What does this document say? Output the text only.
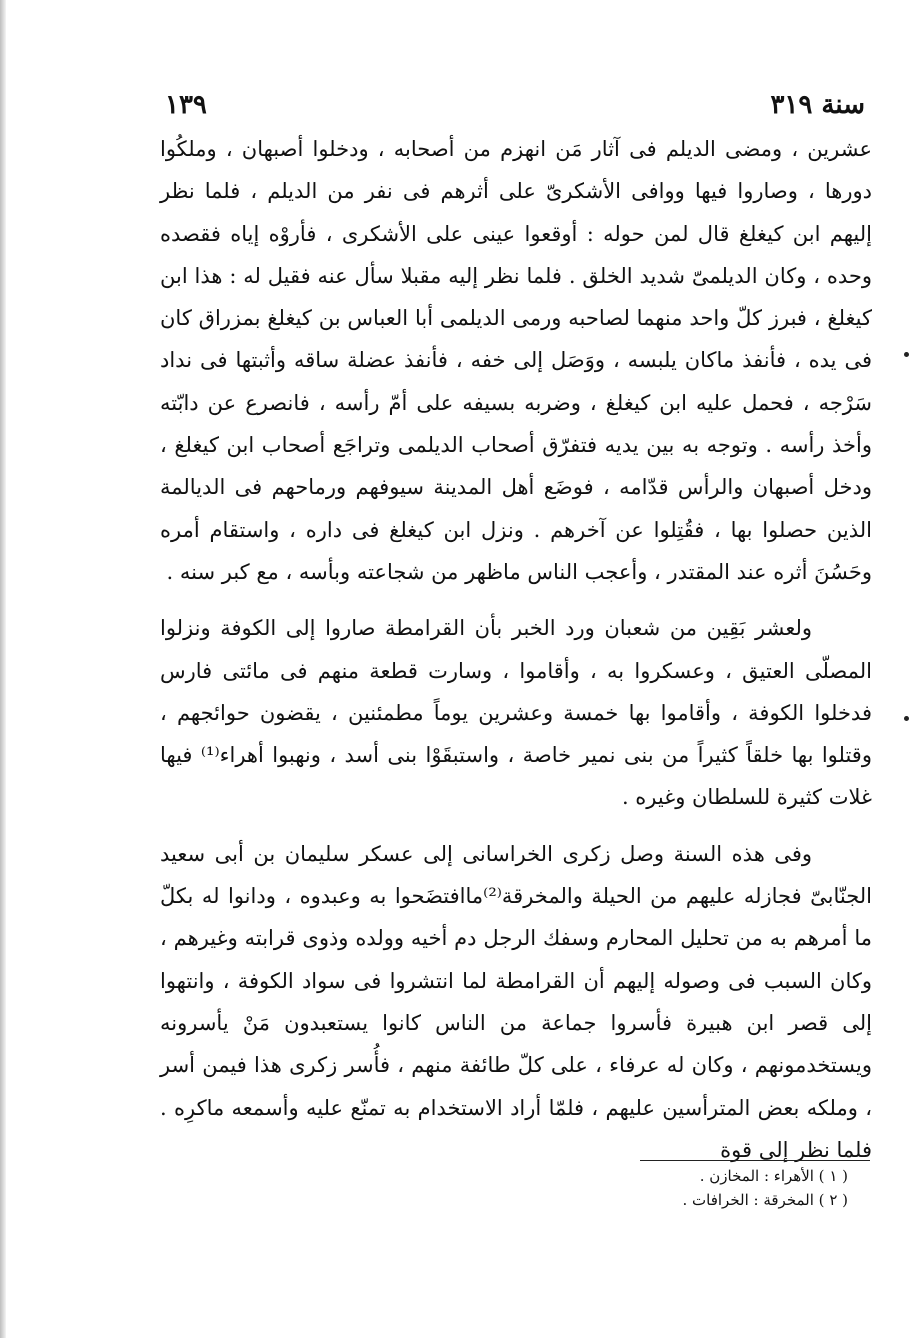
سنة ٣١٩
١٣٩

عشرين ، ومضى الديلم فى آثار مَن انهزم من أصحابه ، ودخلوا أصبهان ، وملكُوا دورها ، وصاروا فيها ووافى الأشكرىّ على أثرهم فى نفر من الديلم ، فلما نظر إليهم ابن كيغلغ قال لمن حوله : أوقعوا عينى على الأشكرى ، فأروْه إياه فقصده وحده ، وكان الديلمىّ شديد الخلق . فلما نظر إليه مقبلا سأل عنه فقيل له : هذا ابن كيغلغ ، فبرز كلّ واحد منهما لصاحبه ورمى الديلمى أبا العباس بن كيغلغ بمزراق كان فى يده ، فأنفذ ماكان يلبسه ، ووَصَل إلى خفه ، فأنفذ عضلة ساقه وأثبتها فى نداد سَرْجه ، فحمل عليه ابن كيغلغ ، وضربه بسيفه على أمّ رأسه ، فانصرع عن دابّته وأخذ رأسه . وتوجه به بين يديه فتفرّق أصحاب الديلمى وتراجَع أصحاب ابن كيغلغ ، ودخل أصبهان والرأس قدّامه ، فوضَع أهل المدينة سيوفهم ورماحهم فى الديالمة الذين حصلوا بها ، فقُتِلوا عن آخرهم . ونزل ابن كيغلغ فى داره ، واستقام أمره وحَسُنَ أثره عند المقتدر ، وأعجب الناس ماظهر من شجاعته وبأسه ، مع كبر سنه .

ولعشر بَقِين من شعبان ورد الخبر بأن القرامطة صاروا إلى الكوفة ونزلوا المصلّى العتيق ، وعسكروا به ، وأقاموا ، وسارت قطعة منهم فى مائتى فارس فدخلوا الكوفة ، وأقاموا بها خمسة وعشرين يوماً مطمئنين ، يقضون حوائجهم ، وقتلوا بها خلقاً كثيراً من بنى نمير خاصة ، واستبقَوْا بنى أسد ، ونهبوا أهراء⁽¹⁾ فيها غلات كثيرة للسلطان وغيره .

وفى هذه السنة وصل زكرى الخراسانى إلى عسكر سليمان بن أبى سعيد الجنّابىّ فجازله عليهم من الحيلة والمخرقة⁽²⁾ماافتضَحوا به وعبدوه ، ودانوا له بكلّ ما أمرهم به من تحليل المحارم وسفك الرجل دم أخيه وولده وذوى قرابته وغيرهم ، وكان السبب فى وصوله إليهم أن القرامطة لما انتشروا فى سواد الكوفة ، وانتهوا إلى قصر ابن هبيرة فأسروا جماعة من الناس كانوا يستعبدون مَنْ يأسرونه ويستخدمونهم ، وكان له عرفاء ، على كلّ طائفة منهم ، فأُسر زكرى هذا فيمن أسر ، وملكه بعض المترأسين عليهم ، فلمّا أراد الاستخدام به تمنّع عليه وأسمعه ماكرِه . فلما نظر إلى قوة

( ١ ) الأهراء : المخازن .
( ٢ ) المخرقة : الخرافات .
